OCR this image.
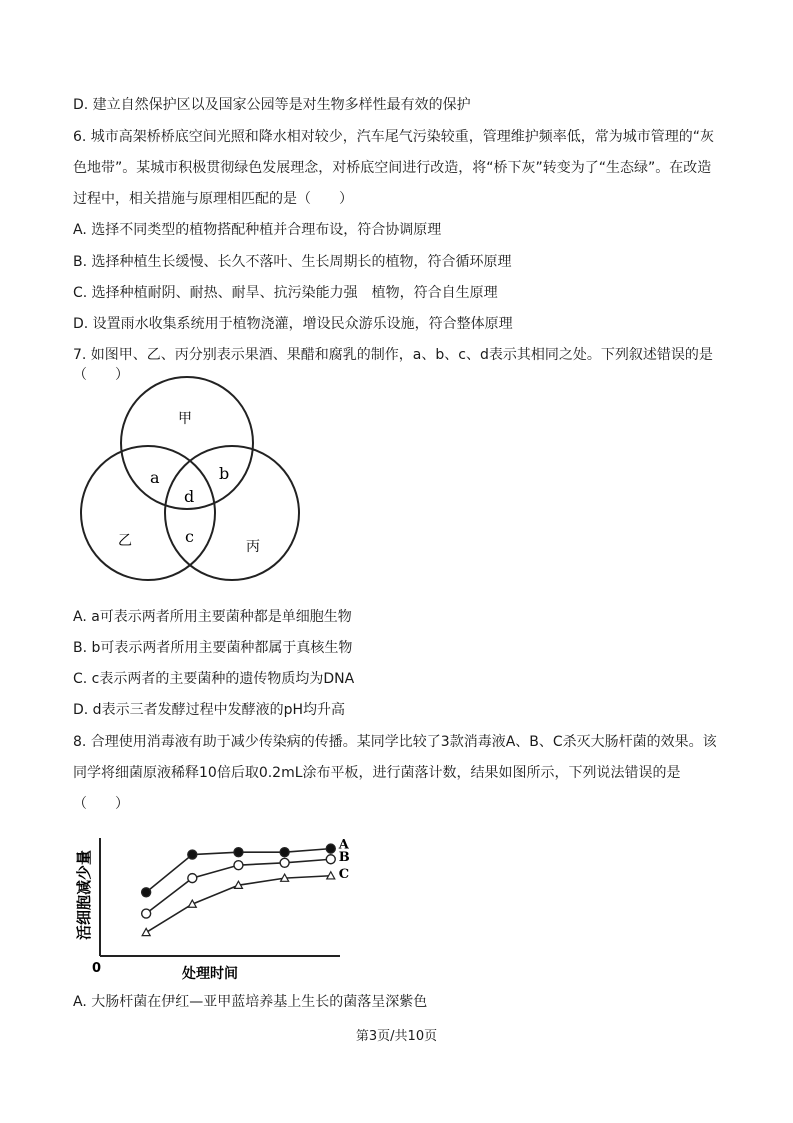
D. 建立自然保护区以及国家公园等是对生物多样性最有效的保护
6. 城市高架桥桥底空间光照和降水相对较少，汽车尾气污染较重，管理维护频率低，常为城市管理的“灰色地带”。某城市积极贯彻绿色发展理念，对桥底空间进行改造，将“桥下灰”转变为了“生态绿”。在改造过程中，相关措施与原理相匹配的是（　　）
A. 选择不同类型的植物搭配种植并合理布设，符合协调原理
B. 选择种植生长缓慢、长久不落叶、生长周期长的植物，符合循环原理
C. 选择种植耐阴、耐热、耐旱、抗污染能力强　植物，符合自生原理
D. 设置雨水收集系统用于植物浇灌，增设民众游乐设施，符合整体原理
7. 如图甲、乙、丙分别表示果酒、果醋和腐乳的制作，a、b、c、d表示其相同之处。下列叙述错误的是（　　）
甲
乙	丙
a	b
d
c
A. a可表示两者所用主要菌种都是单细胞生物
B. b可表示两者所用主要菌种都属于真核生物
C. c表示两者的主要菌种的遗传物质均为DNA
D. d表示三者发酵过程中发酵液的pH均升高
8. 合理使用消毒液有助于减少传染病的传播。某同学比较了3款消毒液A、B、C杀灭大肠杆菌的效果。该同学将细菌原液稀释10倍后取0.2mL涂布平板，进行菌落计数，结果如图所示，下列说法错误的是（　　）
活细胞减少量
处理时间
0
A
B
C
A. 大肠杆菌在伊红—亚甲蓝培养基上生长的菌落呈深紫色
第3页/共10页
